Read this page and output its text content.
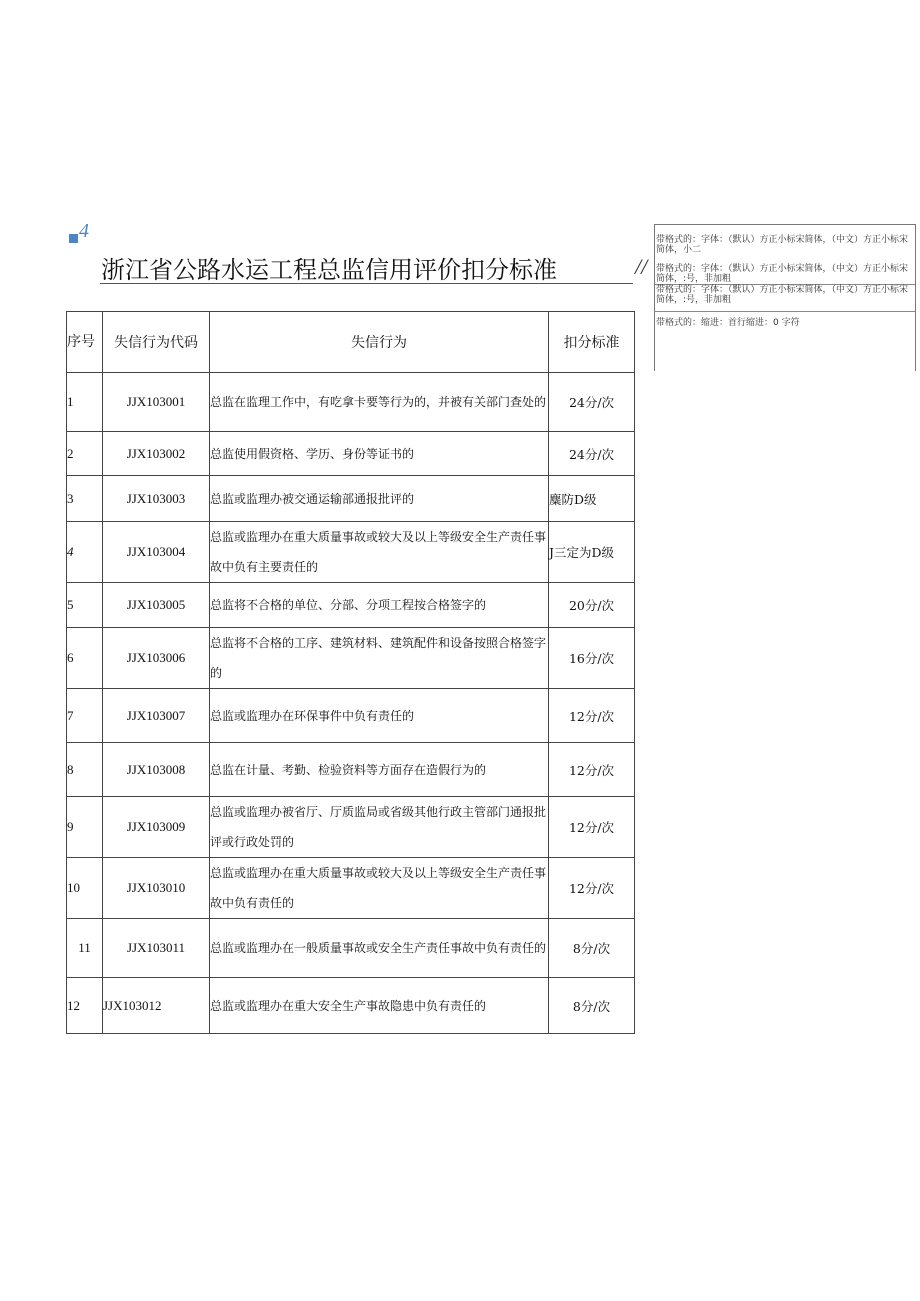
4
浙江省公路水运工程总监信用评价扣分标准	//
带格式的：字体：（默认）方正小标宋简体，（中文）方正小标宋简体，小二
带格式的：字体：（默认）方正小标宋简体，（中文）方正小标宋简体，:号，非加粗
带格式的：字体：（默认）方正小标宋简体，（中文）方正小标宋简体，:号，非加粗
带格式的：缩进：首行缩进：0 字符
序号	失信行为代码	失信行为	扣分标准
1	JJX103001	总监在监理工作中，有吃拿卡要等行为的，并被有关部门查处的	24分/次
2	JJX103002	总监使用假资格、学历、身份等证书的	24分/次
3	JJX103003	总监或监理办被交通运输部通报批评的	麋防D级
4	JJX103004	总监或监理办在重大质量事故或较大及以上等级安全生产责任事故中负有主要责任的	J三定为D级
5	JJX103005	总监将不合格的单位、分部、分项工程按合格签字的	20分/次
6	JJX103006	总监将不合格的工序、建筑材料、建筑配件和设备按照合格签字的	16分/次
7	JJX103007	总监或监理办在环保事件中负有责任的	12分/次
8	JJX103008	总监在计量、考勤、检验资料等方面存在造假行为的	12分/次
9	JJX103009	总监或监理办被省厅、厅质监局或省级其他行政主管部门通报批评或行政处罚的	12分/次
10	JJX103010	总监或监理办在重大质量事故或较大及以上等级安全生产责任事故中负有责任的	12分/次
11	JJX103011	总监或监理办在一般质量事故或安全生产责任事故中负有责任的	8分/次
12	JJX103012	总监或监理办在重大安全生产事故隐患中负有责任的	8分/次
